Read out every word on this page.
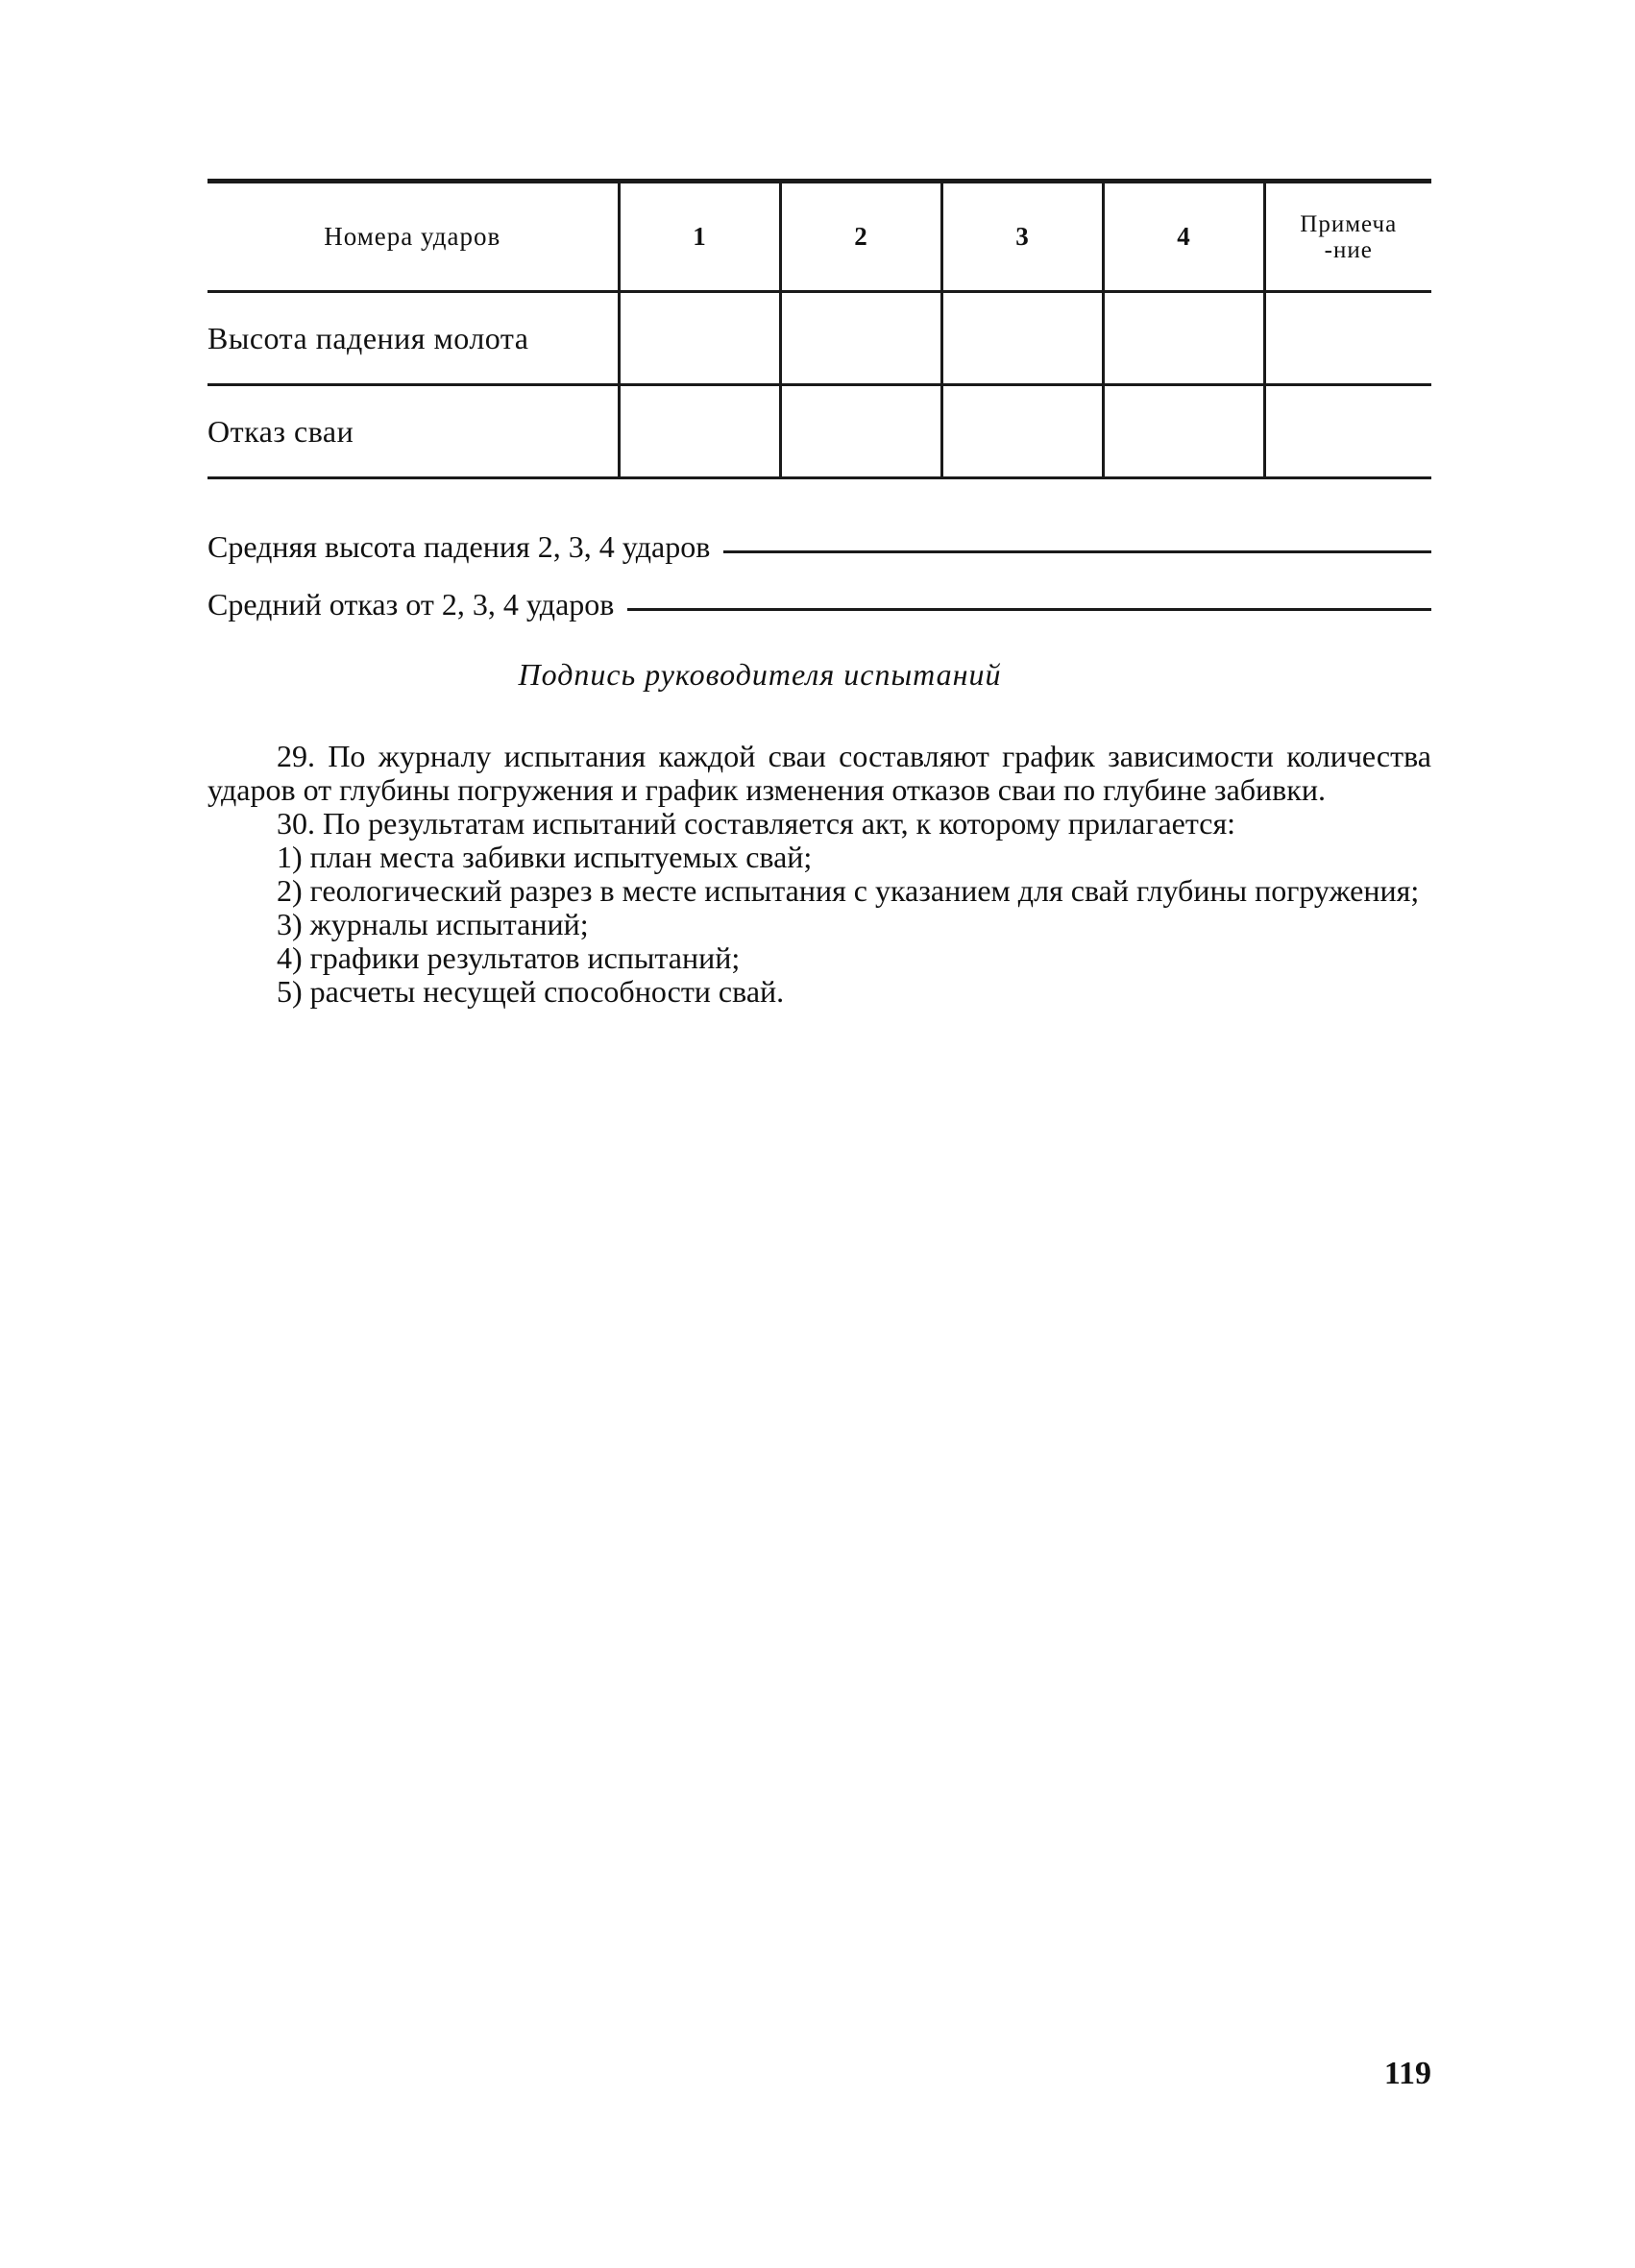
Номера ударов	1	2	3	4	Примеча-ние
Высота падения молота					
Отказ сваи					
Средняя высота падения 2, 3, 4 ударов
Средний отказ от 2, 3, 4 ударов
Подпись руководителя испытаний

29. По журналу испытания каждой сваи составляют график зависимости количества ударов от глубины погружения и график изменения отказов сваи по глубине забивки.

30. По результатам испытаний составляется акт, к которому прилагается:

1) план места забивки испытуемых свай;

2) геологический разрез в месте испытания с указанием для свай глубины погружения;

3) журналы испытаний;

4) графики результатов испытаний;

5) расчеты несущей способности свай.

119
